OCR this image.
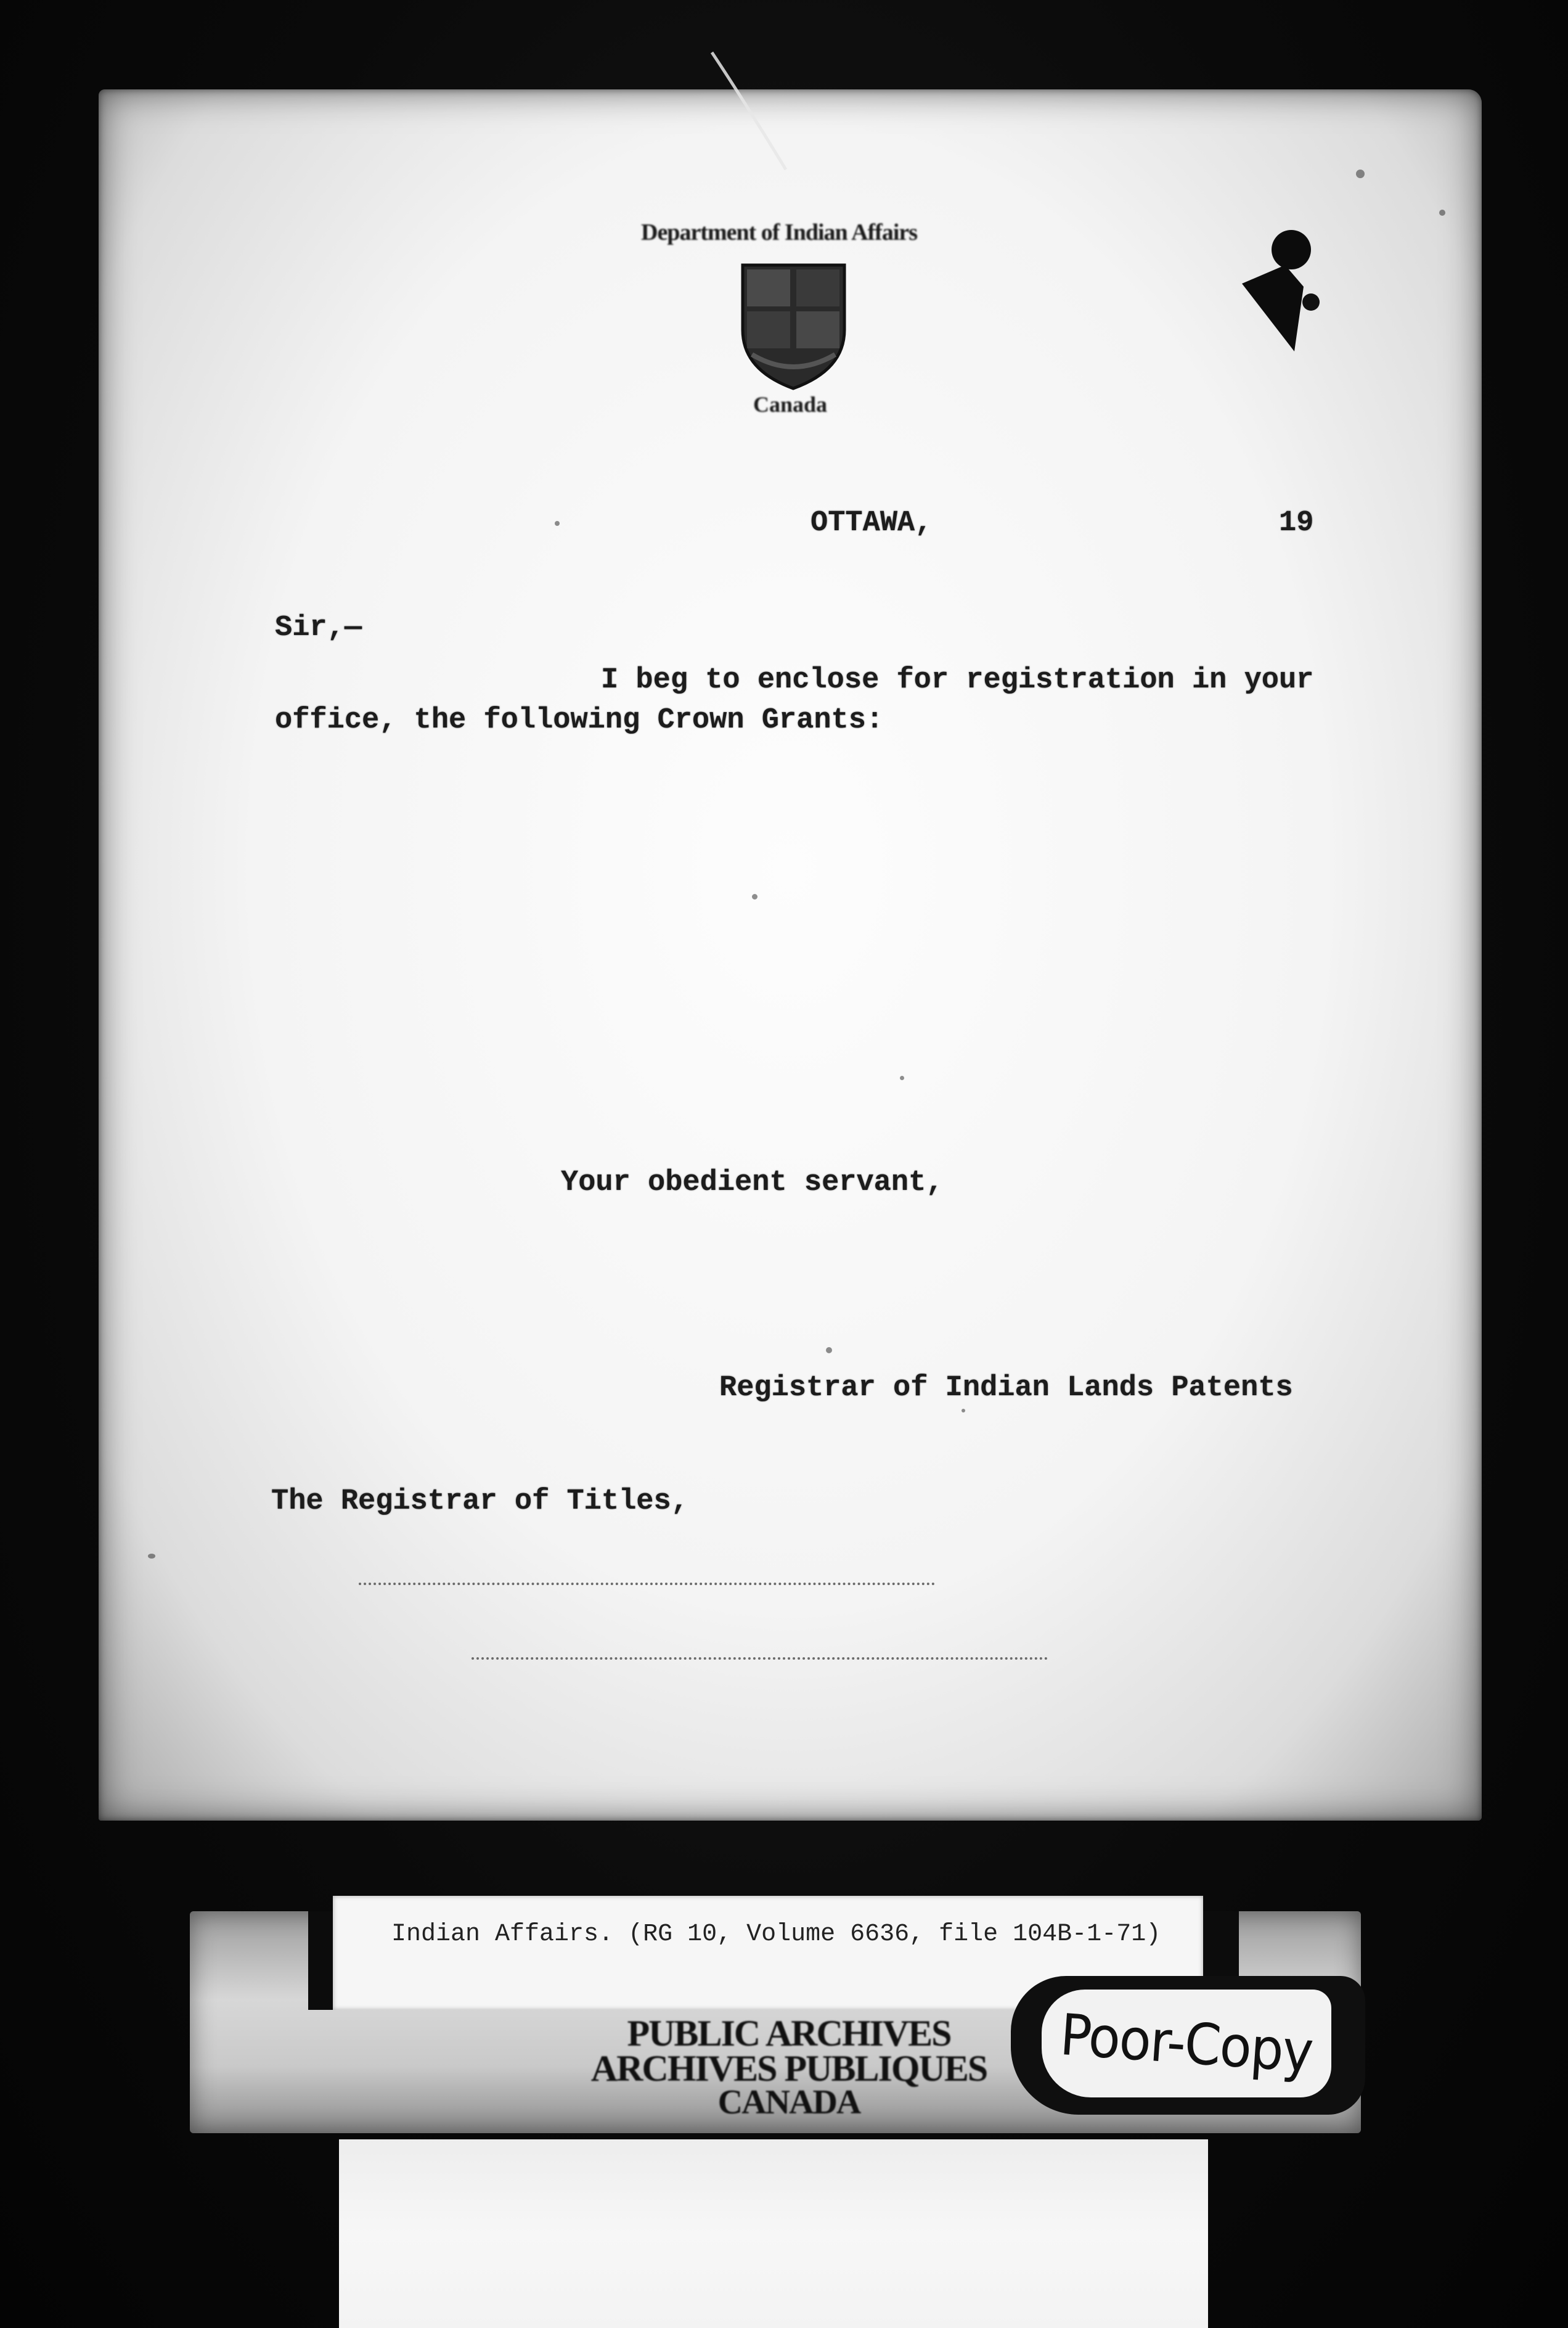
Department of Indian Affairs
Canada
OTTAWA,	19
Sir,—
I beg to enclose for registration in your
office, the following Crown Grants:
Your obedient servant,
Registrar of Indian Lands Patents
The Registrar of Titles,
Indian Affairs. (RG 10, Volume 6636, file 104B-1-71)
PUBLIC ARCHIVES
ARCHIVES PUBLIQUES
CANADA
Poor-Copy
